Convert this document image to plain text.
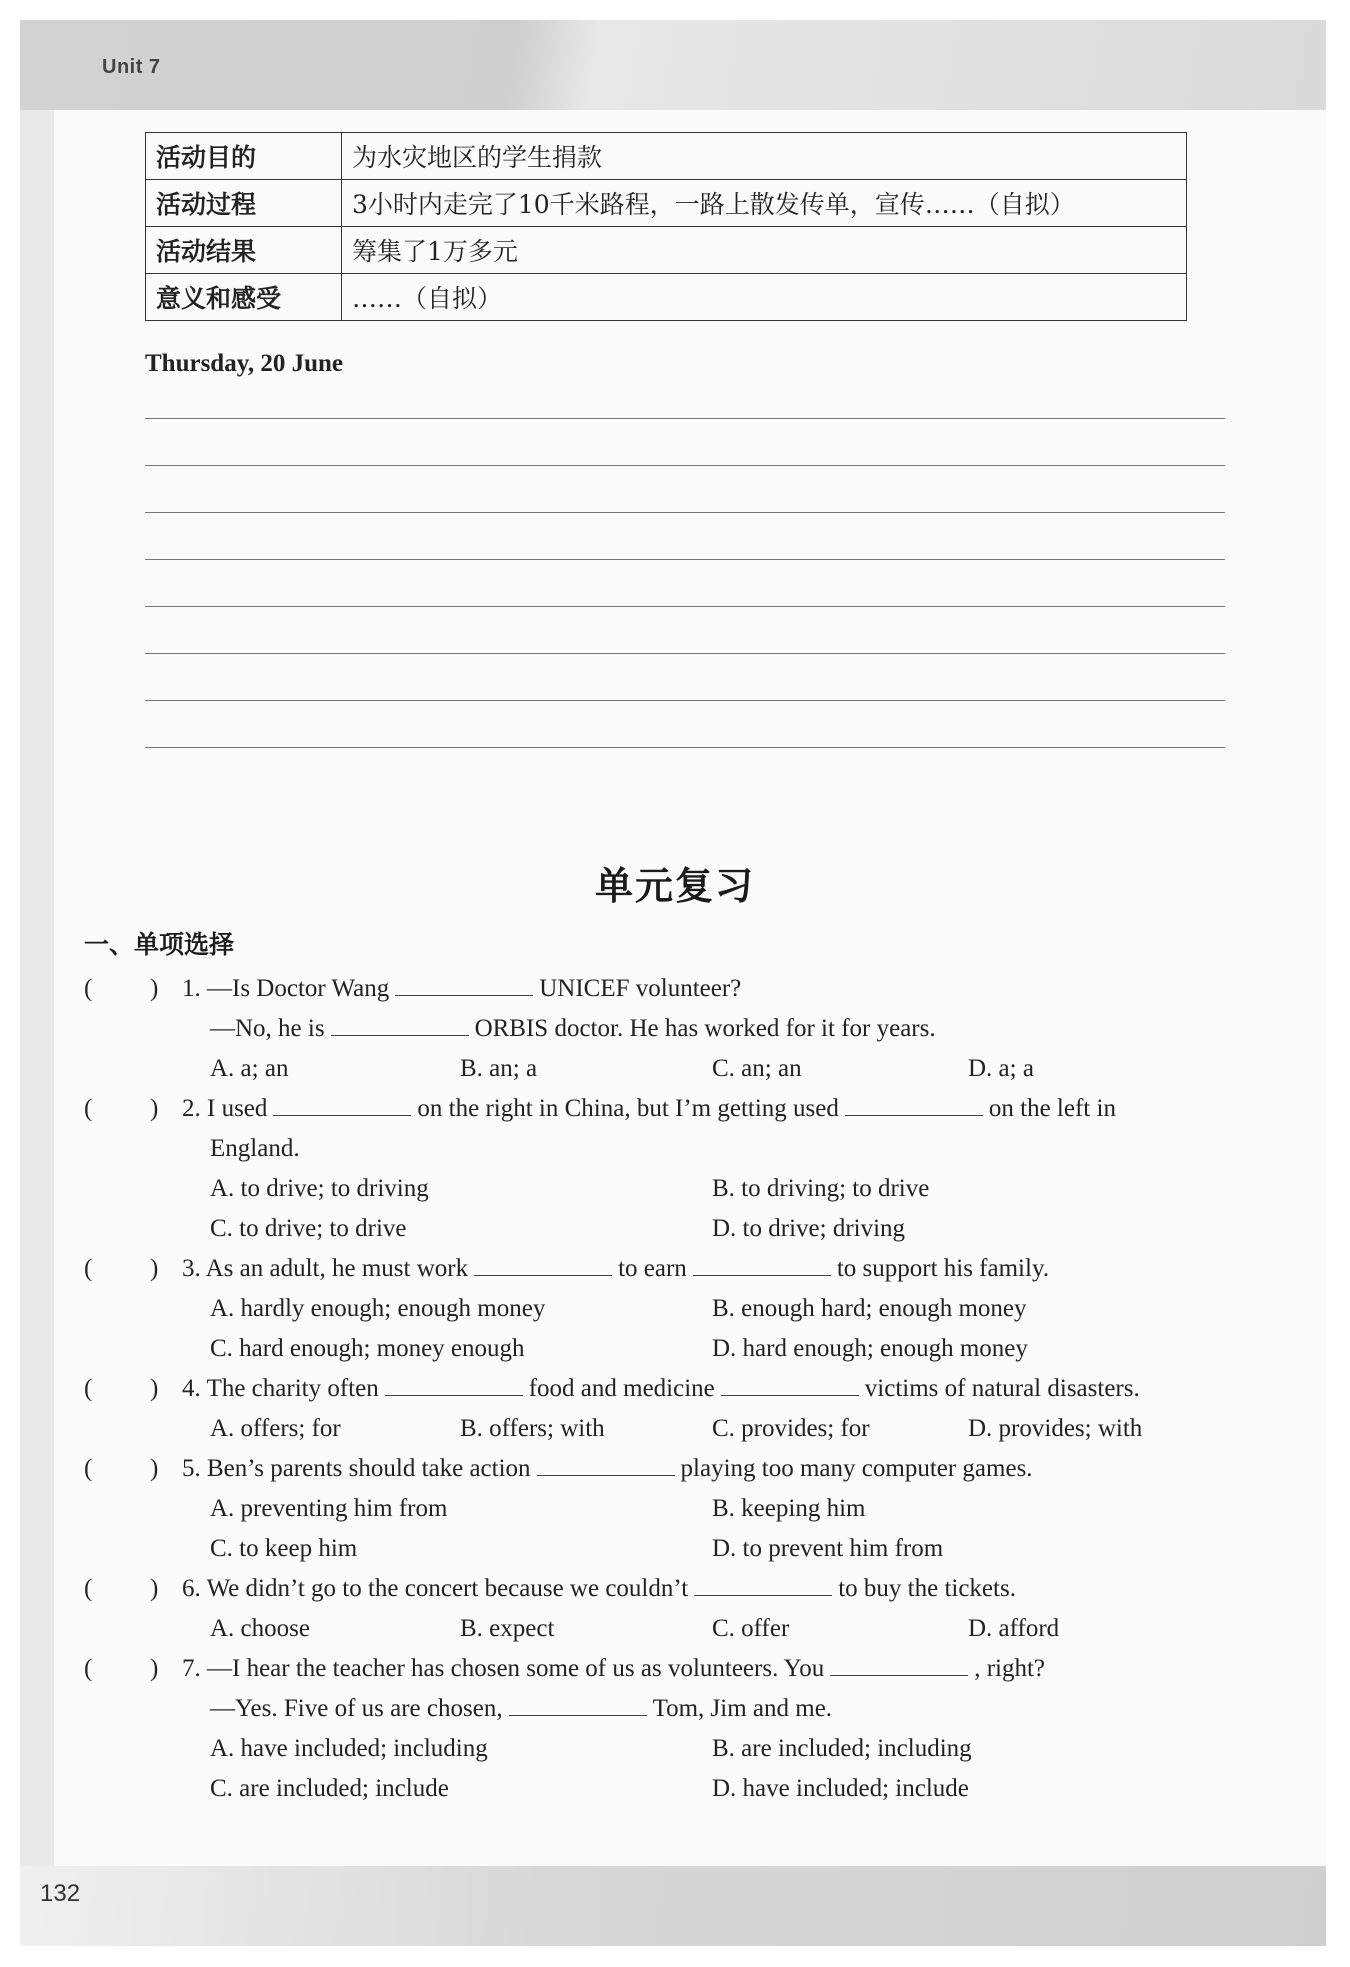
Unit 7
活动目的	为水灾地区的学生捐款
活动过程	3小时内走完了10千米路程，一路上散发传单，宣传……（自拟）
活动结果	筹集了1万多元
意义和感受	……（自拟）
Thursday, 20 June
单元复习
一、单项选择
( ) 1. —Is Doctor Wang	UNICEF volunteer?
—No, he is	ORBIS doctor. He has worked for it for years.
A. a; an	B. an; a	C. an; an	D. a; a
( ) 2. I used	on the right in China, but I’m getting used	on the left in
England.
A. to drive; to driving	B. to driving; to drive
C. to drive; to drive	D. to drive; driving
( ) 3. As an adult, he must work	to earn	to support his family.
A. hardly enough; enough money	B. enough hard; enough money
C. hard enough; money enough	D. hard enough; enough money
( ) 4. The charity often	food and medicine	victims of natural disasters.
A. offers; for	B. offers; with	C. provides; for	D. provides; with
( ) 5. Ben’s parents should take action	playing too many computer games.
A. preventing him from	B. keeping him
C. to keep him	D. to prevent him from
( ) 6. We didn’t go to the concert because we couldn’t	to buy the tickets.
A. choose	B. expect	C. offer	D. afford
( ) 7. —I hear the teacher has chosen some of us as volunteers. You	, right?
—Yes. Five of us are chosen,	Tom, Jim and me.
A. have included; including	B. are included; including
C. are included; include	D. have included; include
132
